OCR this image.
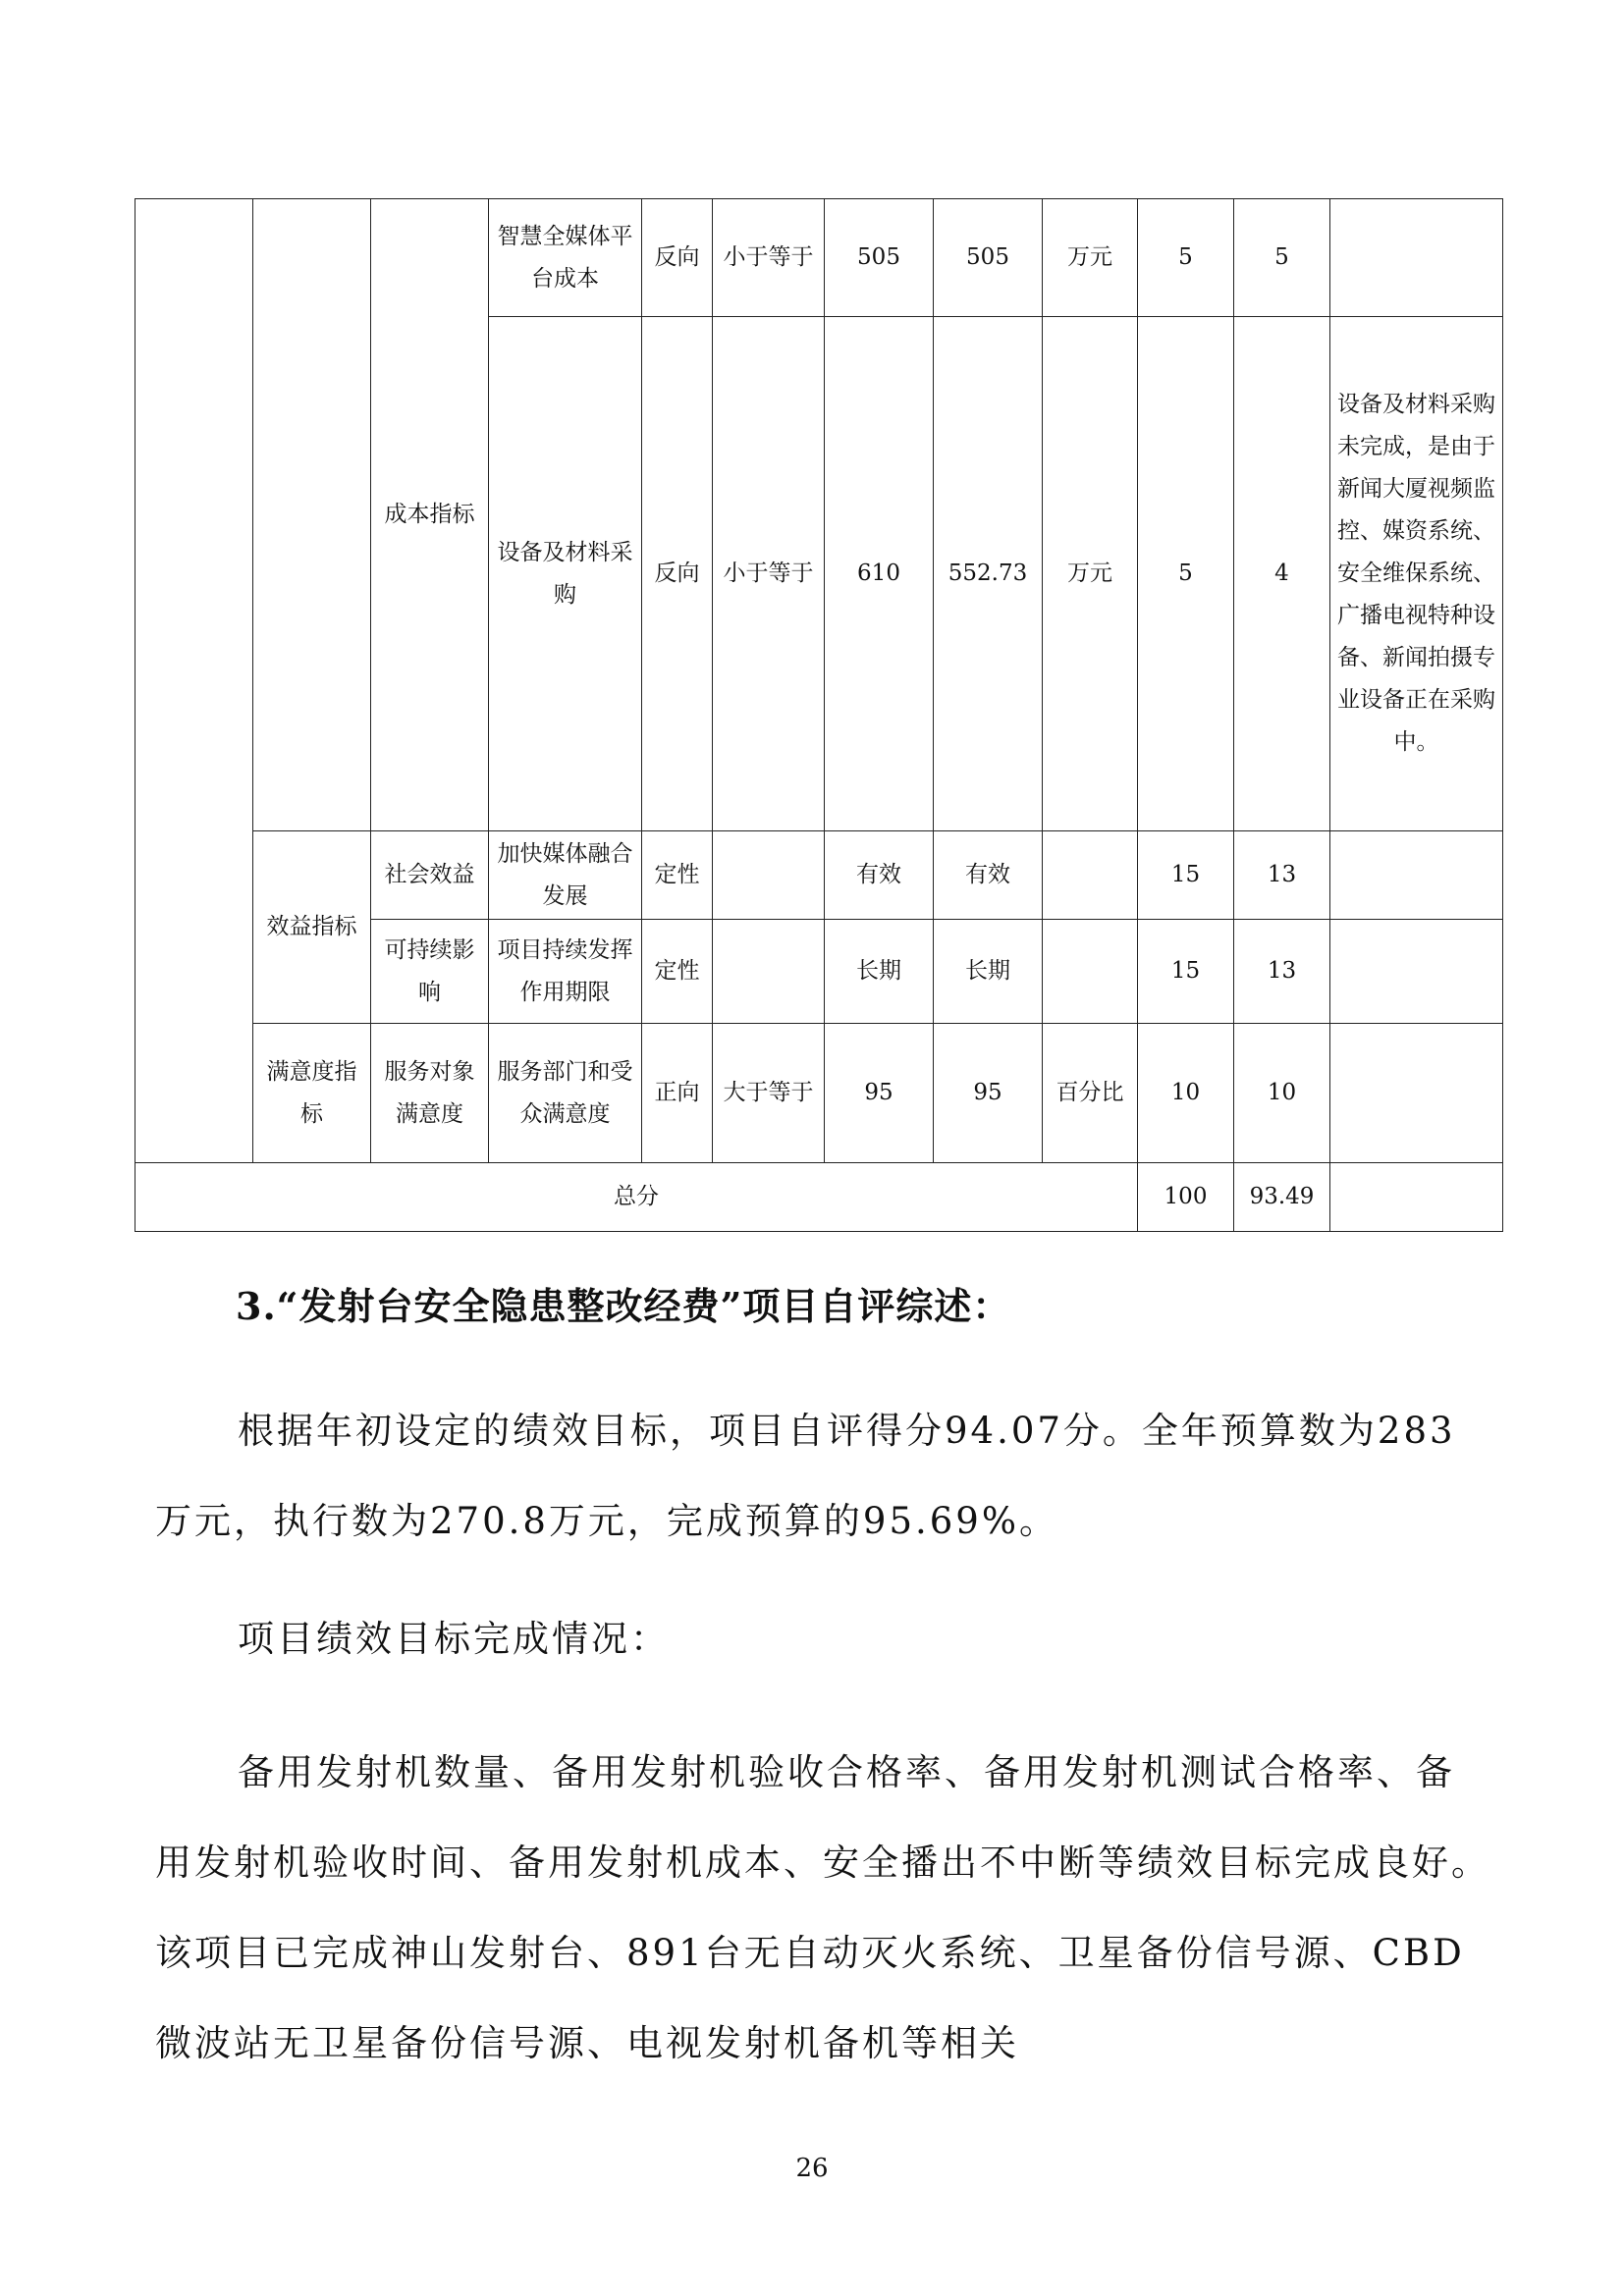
		成本指标	智慧全媒体平台成本	反向	小于等于	505	505	万元	5	5	
			设备及材料采购	反向	小于等于	610	552.73	万元	5	4	设备及材料采购未完成，是由于新闻大厦视频监控、媒资系统、安全维保系统、广播电视特种设备、新闻拍摄专业设备正在采购中。
	效益指标	社会效益	加快媒体融合发展	定性		有效	有效		15	13	
		可持续影响	项目持续发挥作用期限	定性		长期	长期		15	13	
	满意度指标	服务对象满意度	服务部门和受众满意度	正向	大于等于	95	95	百分比	10	10	
总分									100	93.49	
3.“发射台安全隐患整改经费”项目自评综述：

根据年初设定的绩效目标，项目自评得分94.07分。全年预算数为283万元，执行数为270.8万元，完成预算的95.69%。

项目绩效目标完成情况：

备用发射机数量、备用发射机验收合格率、备用发射机测试合格率、备用发射机验收时间、备用发射机成本、安全播出不中断等绩效目标完成良好。该项目已完成神山发射台、891台无自动灭火系统、卫星备份信号源、CBD微波站无卫星备份信号源、电视发射机备机等相关

26
